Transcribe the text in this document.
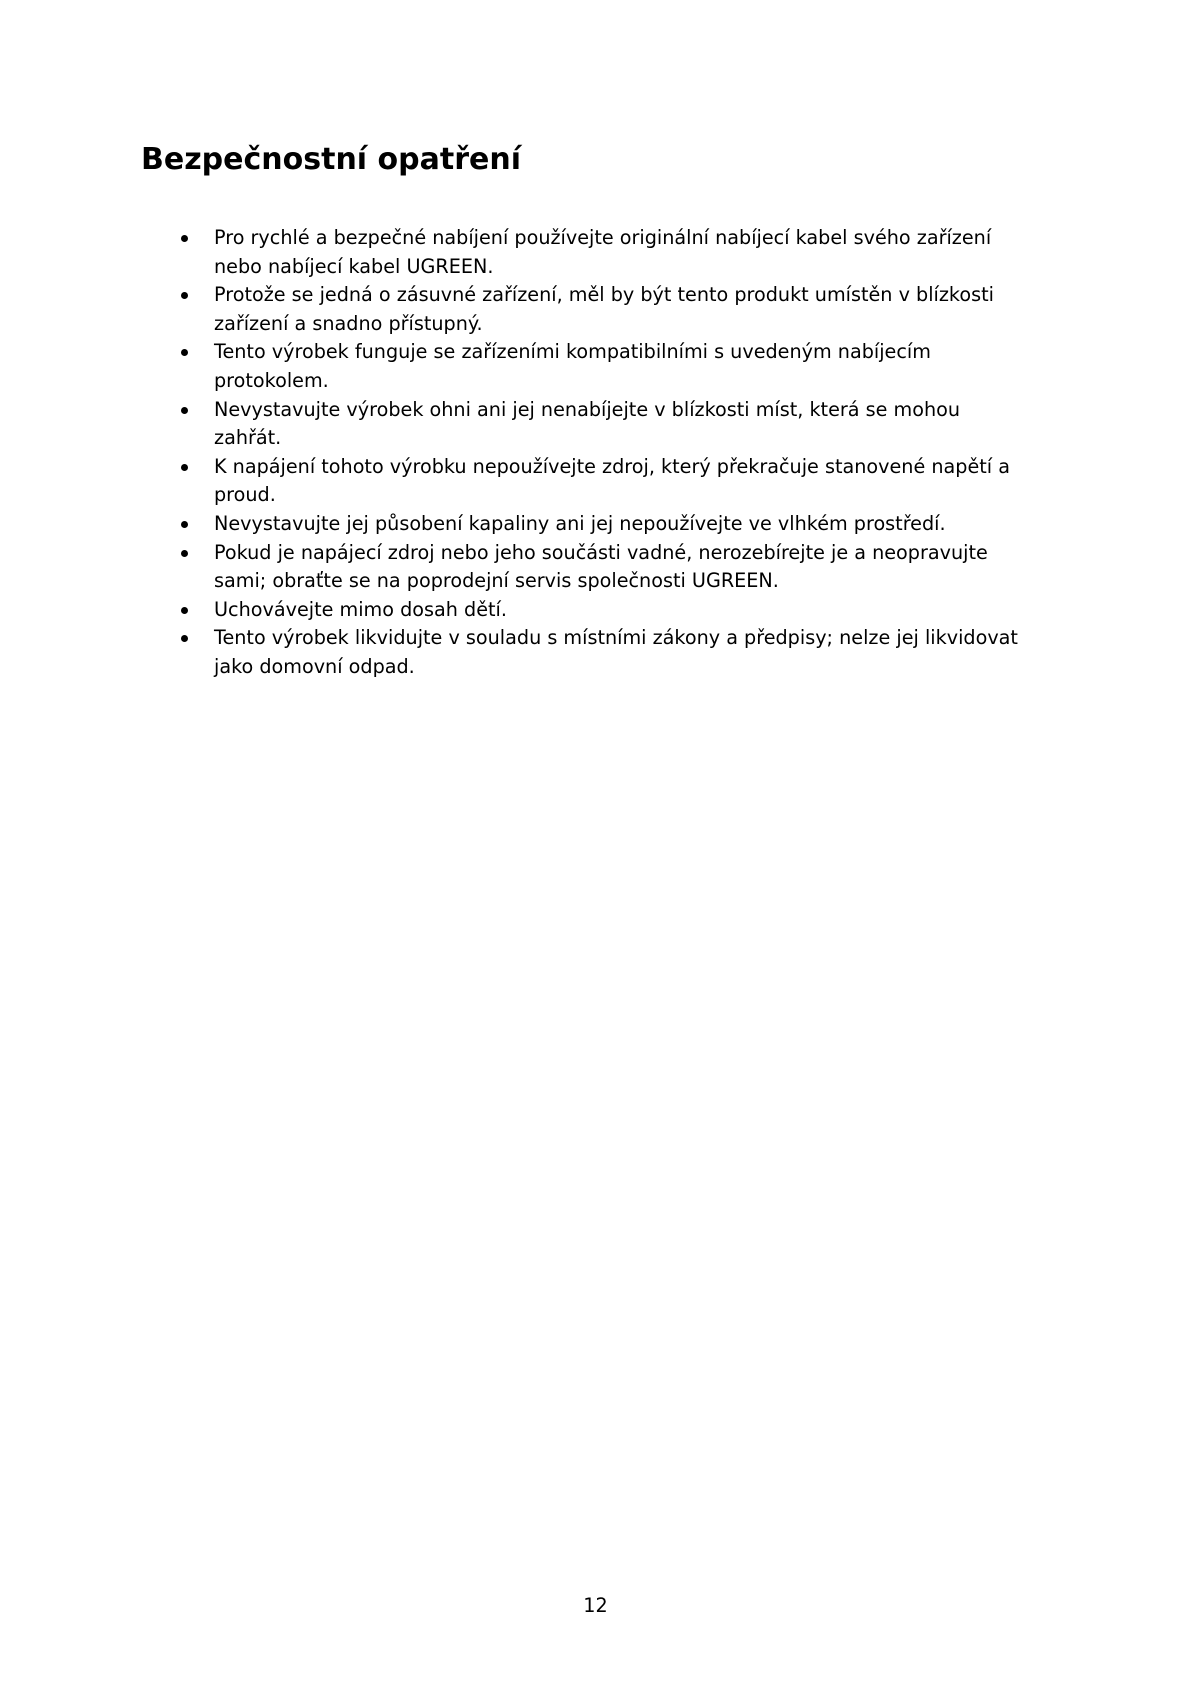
Bezpečnostní opatření
Pro rychlé a bezpečné nabíjení používejte originální nabíjecí kabel svého zařízení
nebo nabíjecí kabel UGREEN.
Protože se jedná o zásuvné zařízení, měl by být tento produkt umístěn v blízkosti
zařízení a snadno přístupný.
Tento výrobek funguje se zařízeními kompatibilními s uvedeným nabíjecím
protokolem.
Nevystavujte výrobek ohni ani jej nenabíjejte v blízkosti míst, která se mohou
zahřát.
K napájení tohoto výrobku nepoužívejte zdroj, který překračuje stanovené napětí a
proud.
Nevystavujte jej působení kapaliny ani jej nepoužívejte ve vlhkém prostředí.
Pokud je napájecí zdroj nebo jeho součásti vadné, nerozebírejte je a neopravujte
sami; obraťte se na poprodejní servis společnosti UGREEN.
Uchovávejte mimo dosah dětí.
Tento výrobek likvidujte v souladu s místními zákony a předpisy; nelze jej likvidovat
jako domovní odpad.
12
